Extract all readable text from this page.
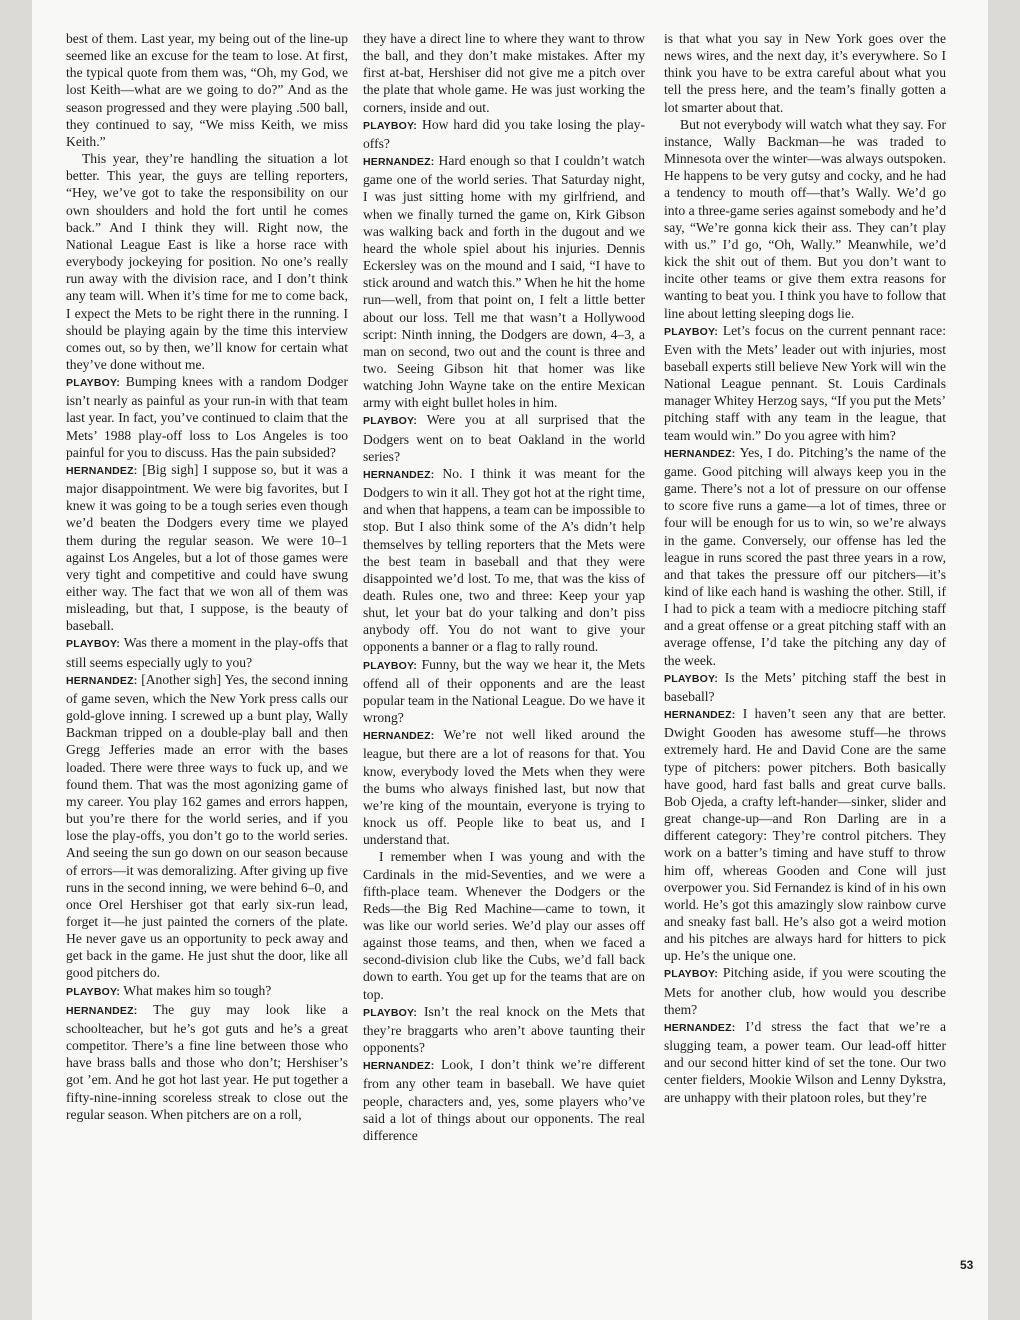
best of them. Last year, my being out of the line-up seemed like an excuse for the team to lose. At first, the typical quote from them was, “Oh, my God, we lost Keith—what are we going to do?” And as the season progressed and they were playing .500 ball, they continued to say, “We miss Keith, we miss Keith.”

This year, they’re handling the situation a lot better. This year, the guys are telling reporters, “Hey, we’ve got to take the responsibility on our own shoulders and hold the fort until he comes back.” And I think they will. Right now, the National League East is like a horse race with everybody jockeying for position. No one’s really run away with the division race, and I don’t think any team will. When it’s time for me to come back, I expect the Mets to be right there in the running. I should be playing again by the time this interview comes out, so by then, we’ll know for certain what they’ve done without me.

PLAYBOY: Bumping knees with a random Dodger isn’t nearly as painful as your run-in with that team last year. In fact, you’ve continued to claim that the Mets’ 1988 play-off loss to Los Angeles is too painful for you to discuss. Has the pain subsided?

HERNANDEZ: [Big sigh] I suppose so, but it was a major disappointment. We were big favorites, but I knew it was going to be a tough series even though we’d beaten the Dodgers every time we played them during the regular season. We were 10–1 against Los Angeles, but a lot of those games were very tight and competitive and could have swung either way. The fact that we won all of them was misleading, but that, I suppose, is the beauty of baseball.

PLAYBOY: Was there a moment in the play-offs that still seems especially ugly to you?

HERNANDEZ: [Another sigh] Yes, the second inning of game seven, which the New York press calls our gold-glove inning. I screwed up a bunt play, Wally Backman tripped on a double-play ball and then Gregg Jefferies made an error with the bases loaded. There were three ways to fuck up, and we found them. That was the most agonizing game of my career. You play 162 games and errors happen, but you’re there for the world series, and if you lose the play-offs, you don’t go to the world series. And seeing the sun go down on our season because of errors—it was demoralizing. After giving up five runs in the second inning, we were behind 6–0, and once Orel Hershiser got that early six-run lead, forget it—he just painted the corners of the plate. He never gave us an opportunity to peck away and get back in the game. He just shut the door, like all good pitchers do.

PLAYBOY: What makes him so tough?

HERNANDEZ: The guy may look like a schoolteacher, but he’s got guts and he’s a great competitor. There’s a fine line between those who have brass balls and those who don’t; Hershiser’s got ’em. And he got hot last year. He put together a fifty-nine-inning scoreless streak to close out the regular season. When pitchers are on a roll,

they have a direct line to where they want to throw the ball, and they don’t make mistakes. After my first at-bat, Hershiser did not give me a pitch over the plate that whole game. He was just working the corners, inside and out.

PLAYBOY: How hard did you take losing the play-offs?

HERNANDEZ: Hard enough so that I couldn’t watch game one of the world series. That Saturday night, I was just sitting home with my girlfriend, and when we finally turned the game on, Kirk Gibson was walking back and forth in the dugout and we heard the whole spiel about his injuries. Dennis Eckersley was on the mound and I said, “I have to stick around and watch this.” When he hit the home run—well, from that point on, I felt a little better about our loss. Tell me that wasn’t a Hollywood script: Ninth inning, the Dodgers are down, 4–3, a man on second, two out and the count is three and two. Seeing Gibson hit that homer was like watching John Wayne take on the entire Mexican army with eight bullet holes in him.

PLAYBOY: Were you at all surprised that the Dodgers went on to beat Oakland in the world series?

HERNANDEZ: No. I think it was meant for the Dodgers to win it all. They got hot at the right time, and when that happens, a team can be impossible to stop. But I also think some of the A’s didn’t help themselves by telling reporters that the Mets were the best team in baseball and that they were disappointed we’d lost. To me, that was the kiss of death. Rules one, two and three: Keep your yap shut, let your bat do your talking and don’t piss anybody off. You do not want to give your opponents a banner or a flag to rally round.

PLAYBOY: Funny, but the way we hear it, the Mets offend all of their opponents and are the least popular team in the National League. Do we have it wrong?

HERNANDEZ: We’re not well liked around the league, but there are a lot of reasons for that. You know, everybody loved the Mets when they were the bums who always finished last, but now that we’re king of the mountain, everyone is trying to knock us off. People like to beat us, and I understand that.

I remember when I was young and with the Cardinals in the mid-Seventies, and we were a fifth-place team. Whenever the Dodgers or the Reds—the Big Red Machine—came to town, it was like our world series. We’d play our asses off against those teams, and then, when we faced a second-division club like the Cubs, we’d fall back down to earth. You get up for the teams that are on top.

PLAYBOY: Isn’t the real knock on the Mets that they’re braggarts who aren’t above taunting their opponents?

HERNANDEZ: Look, I don’t think we’re different from any other team in baseball. We have quiet people, characters and, yes, some players who’ve said a lot of things about our opponents. The real difference

is that what you say in New York goes over the news wires, and the next day, it’s everywhere. So I think you have to be extra careful about what you tell the press here, and the team’s finally gotten a lot smarter about that.

But not everybody will watch what they say. For instance, Wally Backman—he was traded to Minnesota over the winter—was always outspoken. He happens to be very gutsy and cocky, and he had a tendency to mouth off—that’s Wally. We’d go into a three-game series against somebody and he’d say, “We’re gonna kick their ass. They can’t play with us.” I’d go, “Oh, Wally.” Meanwhile, we’d kick the shit out of them. But you don’t want to incite other teams or give them extra reasons for wanting to beat you. I think you have to follow that line about letting sleeping dogs lie.

PLAYBOY: Let’s focus on the current pennant race: Even with the Mets’ leader out with injuries, most baseball experts still believe New York will win the National League pennant. St. Louis Cardinals manager Whitey Herzog says, “If you put the Mets’ pitching staff with any team in the league, that team would win.” Do you agree with him?

HERNANDEZ: Yes, I do. Pitching’s the name of the game. Good pitching will always keep you in the game. There’s not a lot of pressure on our offense to score five runs a game—a lot of times, three or four will be enough for us to win, so we’re always in the game. Conversely, our offense has led the league in runs scored the past three years in a row, and that takes the pressure off our pitchers—it’s kind of like each hand is washing the other. Still, if I had to pick a team with a mediocre pitching staff and a great offense or a great pitching staff with an average offense, I’d take the pitching any day of the week.

PLAYBOY: Is the Mets’ pitching staff the best in baseball?

HERNANDEZ: I haven’t seen any that are better. Dwight Gooden has awesome stuff—he throws extremely hard. He and David Cone are the same type of pitchers: power pitchers. Both basically have good, hard fast balls and great curve balls. Bob Ojeda, a crafty left-hander—sinker, slider and great change-up—and Ron Darling are in a different category: They’re control pitchers. They work on a batter’s timing and have stuff to throw him off, whereas Gooden and Cone will just overpower you. Sid Fernandez is kind of in his own world. He’s got this amazingly slow rainbow curve and sneaky fast ball. He’s also got a weird motion and his pitches are always hard for hitters to pick up. He’s the unique one.

PLAYBOY: Pitching aside, if you were scouting the Mets for another club, how would you describe them?

HERNANDEZ: I’d stress the fact that we’re a slugging team, a power team. Our lead-off hitter and our second hitter kind of set the tone. Our two center fielders, Mookie Wilson and Lenny Dykstra, are unhappy with their platoon roles, but they’re

53
